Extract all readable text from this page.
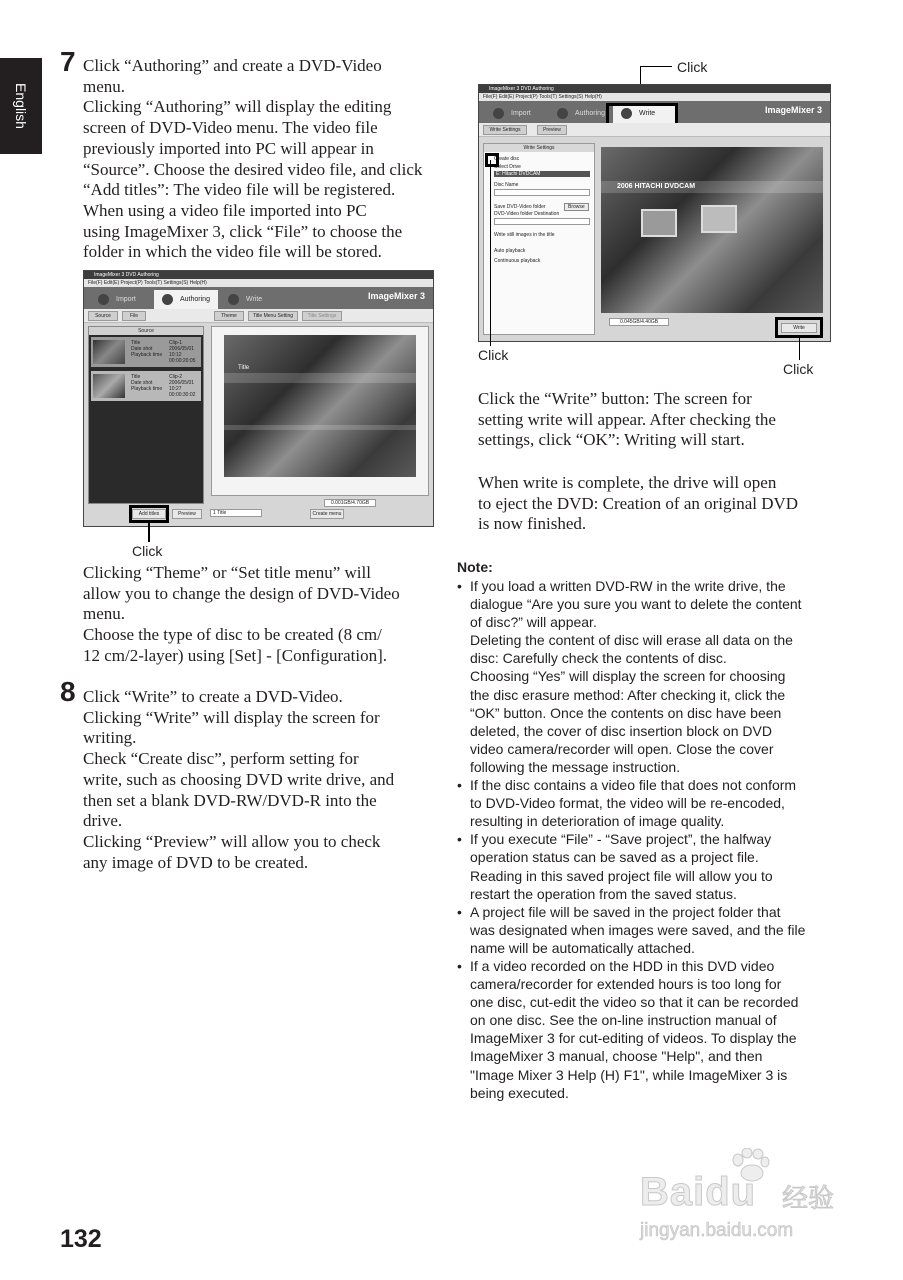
English
7 Click “Authoring” and create a DVD-Video
menu.
Clicking “Authoring” will display the editing
screen of DVD-Video menu. The video file
previously imported into PC will appear in
“Source”. Choose the desired video file, and click
“Add titles”: The video file will be registered.
When using a video file imported into PC
using ImageMixer 3, click “File” to choose the
folder in which the video file will be stored.
ImageMixer 3 DVD Authoring
File(F) Edit(E) Project(P) Tools(T) Settings(S) Help(H)
Import	Authoring	Write	ImageMixer 3
Source	File	Theme	Title Menu Setting	Title Settings
Source
Title
Date shot
Playback time
Clip-1
2006/05/01 10:12
00:00:20:05
Title
Date shot
Playback time
Clip-2
2006/05/01 10:27
00:00:30:02
Title
0.001GB/4.70GB
1 Title
Add titles	Preview	Create menu
Click
Clicking “Theme” or “Set title menu” will
allow you to change the design of DVD-Video
menu.
Choose the type of disc to be created (8 cm/
12 cm/2-layer) using [Set] - [Configuration].
8 Click “Write” to create a DVD-Video.
Clicking “Write” will display the screen for
writing.
Check “Create disc”, perform setting for
write, such as choosing DVD write drive, and
then set a blank DVD-RW/DVD-R into the
drive.
Clicking “Preview” will allow you to check
any image of DVD to be created.
Click
ImageMixer 3 DVD Authoring
File(F) Edit(E) Project(P) Tools(T) Settings(S) Help(H)
Import	Authoring	Write	ImageMixer 3
Write Settings	Preview
Write Settings
Create disc
Select Drive
E: Hitachi DVDCAM
Disc Name
Save DVD-Video folder	Browse
DVD-Video folder Destination
Write still images in the title
Auto playback
Continuous playback
2006 HITACHI DVDCAM
0.045GB/4.40GB
Write
Click
Click
Click the “Write” button: The screen for
setting write will appear. After checking the
settings, click “OK”: Writing will start.
When write is complete, the drive will open
to eject the DVD: Creation of an original DVD
is now finished.
Note:
• If you load a written DVD-RW in the write drive, the
dialogue “Are you sure you want to delete the content
of disc?” will appear.
Deleting the content of disc will erase all data on the
disc: Carefully check the contents of disc.
Choosing “Yes” will display the screen for choosing
the disc erasure method: After checking it, click the
“OK” button. Once the contents on disc have been
deleted, the cover of disc insertion block on DVD
video camera/recorder will open. Close the cover
following the message instruction.
• If the disc contains a video file that does not conform
to DVD-Video format, the video will be re-encoded,
resulting in deterioration of image quality.
• If you execute “File” - “Save project”, the halfway
operation status can be saved as a project file.
Reading in this saved project file will allow you to
restart the operation from the saved status.
• A project file will be saved in the project folder that
was designated when images were saved, and the file
name will be automatically attached.
• If a video recorded on the HDD in this DVD video
camera/recorder for extended hours is too long for
one disc, cut-edit the video so that it can be recorded
on one disc. See the on-line instruction manual of
ImageMixer 3 for cut-editing of videos. To display the
ImageMixer 3 manual, choose "Help", and then
"Image Mixer 3 Help (H) F1", while ImageMixer 3 is
being executed.
132
Baidu 经验
jingyan.baidu.com
